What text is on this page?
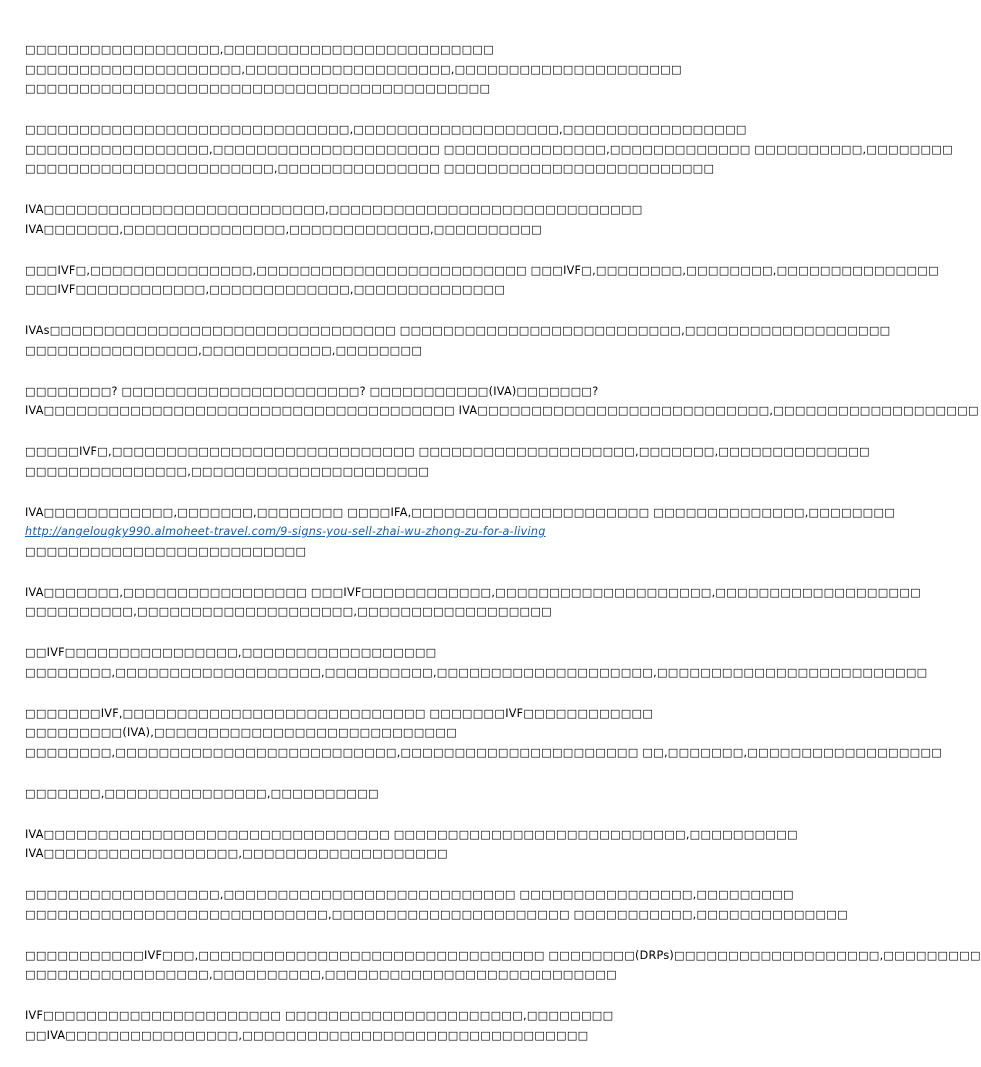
□□□□□□□□□□□□□□□□□□,□□□□□□□□□□□□□□□□□□□□□□□□□
□□□□□□□□□□□□□□□□□□□□,□□□□□□□□□□□□□□□□□□□,□□□□□□□□□□□□□□□□□□□□□
□□□□□□□□□□□□□□□□□□□□□□□□□□□□□□□□□□□□□□□□□□□
□□□□□□□□□□□□□□□□□□□□□□□□□□□□□□,□□□□□□□□□□□□□□□□□□□,□□□□□□□□□□□□□□□□□
□□□□□□□□□□□□□□□□□,□□□□□□□□□□□□□□□□□□□□□ □□□□□□□□□□□□□□□,□□□□□□□□□□□□□ □□□□□□□□□□,□□□□□□□□
□□□□□□□□□□□□□□□□□□□□□□□,□□□□□□□□□□□□□□□ □□□□□□□□□□□□□□□□□□□□□□□□□
IVA□□□□□□□□□□□□□□□□□□□□□□□□□□,□□□□□□□□□□□□□□□□□□□□□□□□□□□□□
IVA□□□□□□□,□□□□□□□□□□□□□□□,□□□□□□□□□□□□□,□□□□□□□□□□
□□□IVF□,□□□□□□□□□□□□□□□,□□□□□□□□□□□□□□□□□□□□□□□□□ □□□IVF□,□□□□□□□□,□□□□□□□□,□□□□□□□□□□□□□□□
□□□IVF□□□□□□□□□□□□,□□□□□□□□□□□□□,□□□□□□□□□□□□□□
IVAs□□□□□□□□□□□□□□□□□□□□□□□□□□□□□□□□ □□□□□□□□□□□□□□□□□□□□□□□□□□,□□□□□□□□□□□□□□□□□□□
□□□□□□□□□□□□□□□□,□□□□□□□□□□□□,□□□□□□□□
□□□□□□□□? □□□□□□□□□□□□□□□□□□□□□□? □□□□□□□□□□□(IVA)□□□□□□□?
IVA□□□□□□□□□□□□□□□□□□□□□□□□□□□□□□□□□□□□□□ IVA□□□□□□□□□□□□□□□□□□□□□□□□□□□,□□□□□□□□□□□□□□□□□□□
□□□□□IVF□,□□□□□□□□□□□□□□□□□□□□□□□□□□□□ □□□□□□□□□□□□□□□□□□□□,□□□□□□□,□□□□□□□□□□□□□□
□□□□□□□□□□□□□□□,□□□□□□□□□□□□□□□□□□□□□□
IVA□□□□□□□□□□□□,□□□□□□□,□□□□□□□□ □□□□IFA,□□□□□□□□□□□□□□□□□□□□□□ □□□□□□□□□□□□□□,□□□□□□□□
http://angelougky990.almoheet-travel.com/9-signs-you-sell-zhai-wu-zhong-zu-for-a-living
□□□□□□□□□□□□□□□□□□□□□□□□□□
IVA□□□□□□□,□□□□□□□□□□□□□□□□□ □□□IVF□□□□□□□□□□□□,□□□□□□□□□□□□□□□□□□□□,□□□□□□□□□□□□□□□□□□□
□□□□□□□□□□,□□□□□□□□□□□□□□□□□□□□,□□□□□□□□□□□□□□□□□□
□□IVF□□□□□□□□□□□□□□□□,□□□□□□□□□□□□□□□□□□
□□□□□□□□,□□□□□□□□□□□□□□□□□□□,□□□□□□□□□□,□□□□□□□□□□□□□□□□□□□□,□□□□□□□□□□□□□□□□□□□□□□□□□
□□□□□□□IVF,□□□□□□□□□□□□□□□□□□□□□□□□□□□□ □□□□□□□IVF□□□□□□□□□□□□
□□□□□□□□□(IVA),□□□□□□□□□□□□□□□□□□□□□□□□□□□□
□□□□□□□□,□□□□□□□□□□□□□□□□□□□□□□□□□□,□□□□□□□□□□□□□□□□□□□□□□ □□,□□□□□□□,□□□□□□□□□□□□□□□□□□
□□□□□□□,□□□□□□□□□□□□□□□,□□□□□□□□□□
IVA□□□□□□□□□□□□□□□□□□□□□□□□□□□□□□□□ □□□□□□□□□□□□□□□□□□□□□□□□□□□,□□□□□□□□□□
IVA□□□□□□□□□□□□□□□□□□,□□□□□□□□□□□□□□□□□□□
□□□□□□□□□□□□□□□□□□,□□□□□□□□□□□□□□□□□□□□□□□□□□□ □□□□□□□□□□□□□□□□,□□□□□□□□□
□□□□□□□□□□□□□□□□□□□□□□□□□□□□,□□□□□□□□□□□□□□□□□□□□□□ □□□□□□□□□□□,□□□□□□□□□□□□□□
□□□□□□□□□□□IVF□□□,□□□□□□□□□□□□□□□□□□□□□□□□□□□□□□□□ □□□□□□□□(DRPs)□□□□□□□□□□□□□□□□□□□,□□□□□□□□□
□□□□□□□□□□□□□□□□□,□□□□□□□□□□,□□□□□□□□□□□□□□□□□□□□□□□□□□□
IVF□□□□□□□□□□□□□□□□□□□□□□ □□□□□□□□□□□□□□□□□□□□□□,□□□□□□□□
□□IVA□□□□□□□□□□□□□□□□,□□□□□□□□□□□□□□□□□□□□□□□□□□□□□□□□
